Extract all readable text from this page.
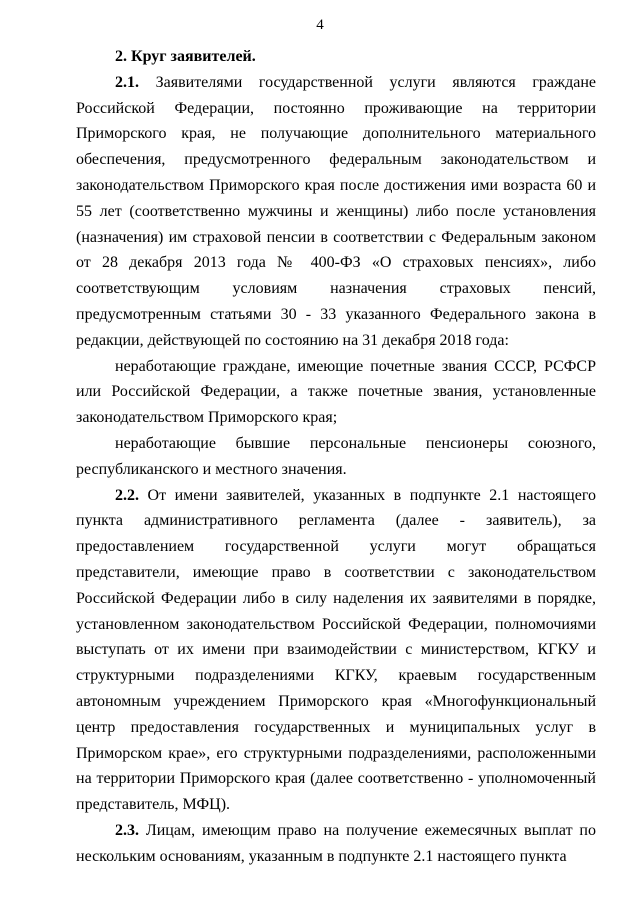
4

2. Круг заявителей.

2.1. Заявителями государственной услуги являются граждане Российской Федерации, постоянно проживающие на территории Приморского края, не получающие дополнительного материального обеспечения, предусмотренного федеральным законодательством и законодательством Приморского края после достижения ими возраста 60 и 55 лет (соответственно мужчины и женщины) либо после установления (назначения) им страховой пенсии в соответствии с Федеральным законом от 28 декабря 2013 года № 400-ФЗ «О страховых пенсиях», либо соответствующим условиям назначения страховых пенсий, предусмотренным статьями 30 - 33 указанного Федерального закона в редакции, действующей по состоянию на 31 декабря 2018 года:

неработающие граждане, имеющие почетные звания СССР, РСФСР или Российской Федерации, а также почетные звания, установленные законодательством Приморского края;

неработающие бывшие персональные пенсионеры союзного, республиканского и местного значения.

2.2. От имени заявителей, указанных в подпункте 2.1 настоящего пункта административного регламента (далее - заявитель), за предоставлением государственной услуги могут обращаться представители, имеющие право в соответствии с законодательством Российской Федерации либо в силу наделения их заявителями в порядке, установленном законодательством Российской Федерации, полномочиями выступать от их имени при взаимодействии с министерством, КГКУ и структурными подразделениями КГКУ, краевым государственным автономным учреждением Приморского края «Многофункциональный центр предоставления государственных и муниципальных услуг в Приморском крае», его структурными подразделениями, расположенными на территории Приморского края (далее соответственно - уполномоченный представитель, МФЦ).

2.3. Лицам, имеющим право на получение ежемесячных выплат по нескольким основаниям, указанным в подпункте 2.1 настоящего пункта
